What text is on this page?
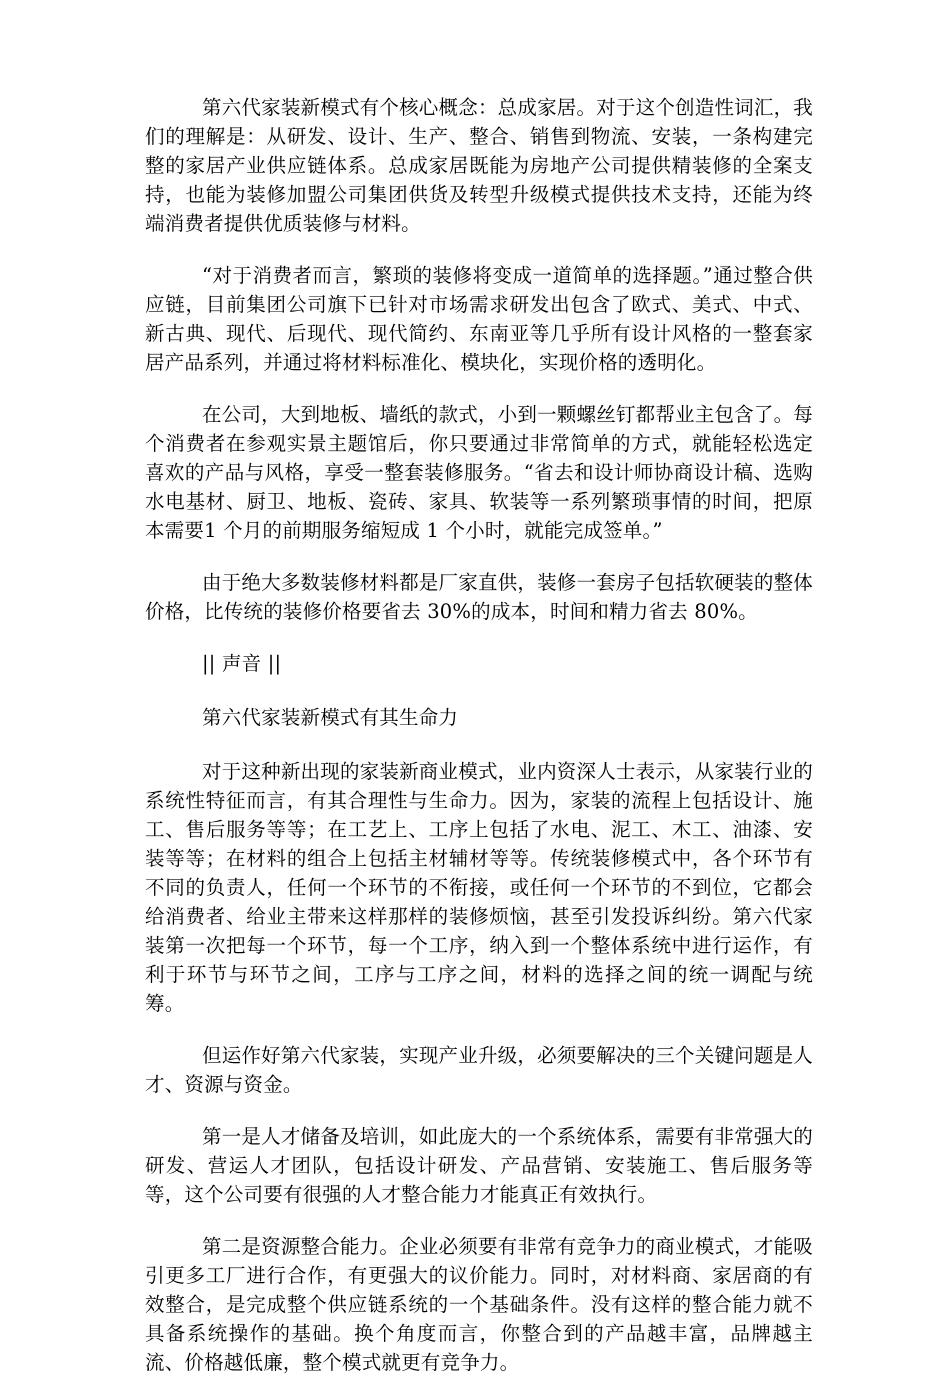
第六代家装新模式有个核心概念：总成家居。对于这个创造性词汇，我们的理解是：从研发、设计、生产、整合、销售到物流、安装，一条构建完整的家居产业供应链体系。总成家居既能为房地产公司提供精装修的全案支持，也能为装修加盟公司集团供货及转型升级模式提供技术支持，还能为终端消费者提供优质装修与材料。

“对于消费者而言，繁琐的装修将变成一道简单的选择题。”通过整合供应链，目前集团公司旗下已针对市场需求研发出包含了欧式、美式、中式、新古典、现代、后现代、现代简约、东南亚等几乎所有设计风格的一整套家居产品系列，并通过将材料标准化、模块化，实现价格的透明化。

在公司，大到地板、墙纸的款式，小到一颗螺丝钉都帮业主包含了。每个消费者在参观实景主题馆后，你只要通过非常简单的方式，就能轻松选定喜欢的产品与风格，享受一整套装修服务。“省去和设计师协商设计稿、选购水电基材、厨卫、地板、瓷砖、家具、软装等一系列繁琐事情的时间，把原本需要1 个月的前期服务缩短成 1 个小时，就能完成签单。”

由于绝大多数装修材料都是厂家直供，装修一套房子包括软硬装的整体价格，比传统的装修价格要省去 30%的成本，时间和精力省去 80%。

|| 声音 ||

第六代家装新模式有其生命力

对于这种新出现的家装新商业模式，业内资深人士表示，从家装行业的系统性特征而言，有其合理性与生命力。因为，家装的流程上包括设计、施工、售后服务等等；在工艺上、工序上包括了水电、泥工、木工、油漆、安装等等；在材料的组合上包括主材辅材等等。传统装修模式中，各个环节有不同的负责人，任何一个环节的不衔接，或任何一个环节的不到位，它都会给消费者、给业主带来这样那样的装修烦恼，甚至引发投诉纠纷。第六代家装第一次把每一个环节，每一个工序，纳入到一个整体系统中进行运作，有利于环节与环节之间，工序与工序之间，材料的选择之间的统一调配与统筹。

但运作好第六代家装，实现产业升级，必须要解决的三个关键问题是人才、资源与资金。

第一是人才储备及培训，如此庞大的一个系统体系，需要有非常强大的研发、营运人才团队，包括设计研发、产品营销、安装施工、售后服务等等，这个公司要有很强的人才整合能力才能真正有效执行。

第二是资源整合能力。企业必须要有非常有竞争力的商业模式，才能吸引更多工厂进行合作，有更强大的议价能力。同时，对材料商、家居商的有效整合，是完成整个供应链系统的一个基础条件。没有这样的整合能力就不具备系统操作的基础。换个角度而言，你整合到的产品越丰富，品牌越主流、价格越低廉，整个模式就更有竞争力。
